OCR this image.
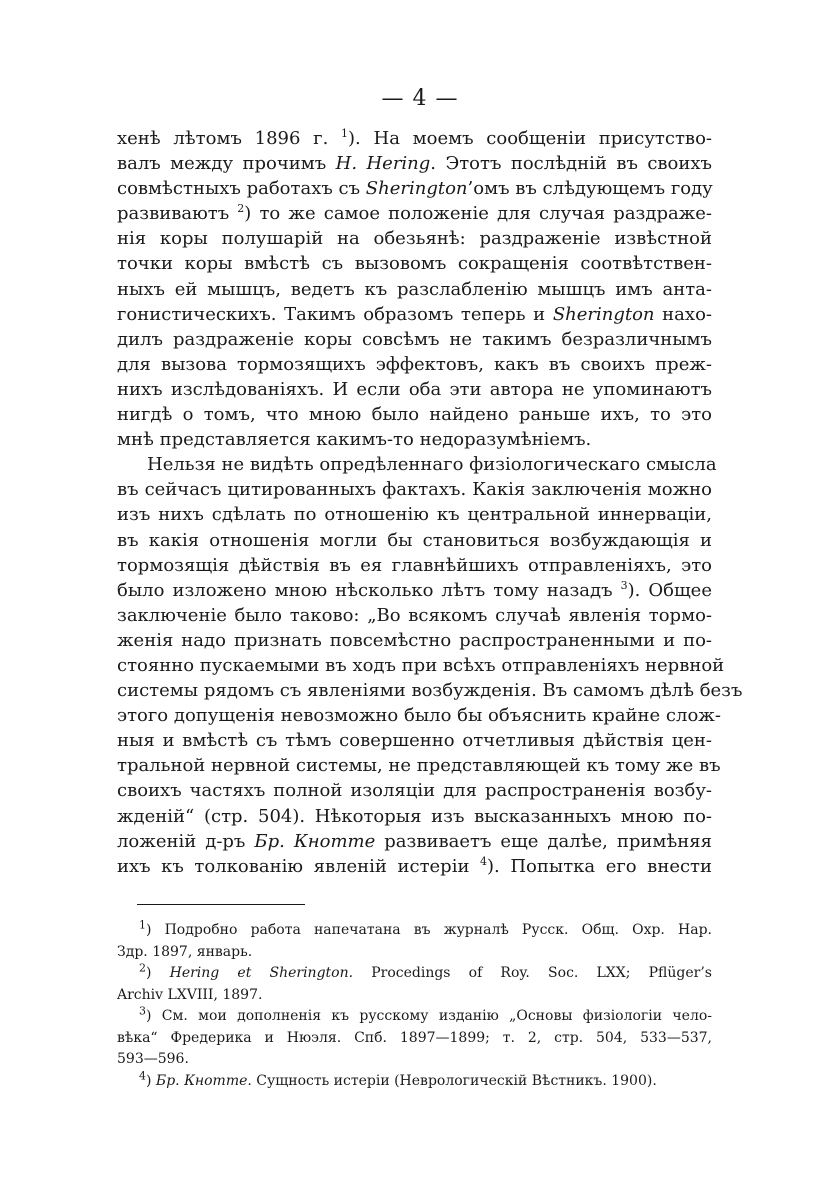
— 4 —

хенѣ лѣтомъ 1896 г. $^1$). На моемъ сообщеніи присутство-
валъ между прочимъ H. Hering. Этотъ послѣдній въ своихъ
совмѣстныхъ работахъ съ Sherington’омъ въ слѣдующемъ году
развиваютъ $^2$) то же самое положеніе для случая раздраже-
нія коры полушарій на обезьянѣ: раздраженіе извѣстной
точки коры вмѣстѣ съ вызовомъ сокращенія соотвѣтствен-
ныхъ ей мышцъ, ведетъ къ разслабленію мышцъ имъ анта-
гонистическихъ. Такимъ образомъ теперь и Sherington нахо-
дилъ раздраженіе коры совсѣмъ не такимъ безразличнымъ
для вызова тормозящихъ эффектовъ, какъ въ своихъ преж-
нихъ изслѣдованіяхъ. И если оба эти автора не упоминаютъ
нигдѣ о томъ, что мною было найдено раньше ихъ, то это
мнѣ представляется какимъ-то недоразумѣніемъ.

Нельзя не видѣть опредѣленнаго физіологическаго смысла
въ сейчасъ цитированныхъ фактахъ. Какія заключенія можно
изъ нихъ сдѣлать по отношенію къ центральной иннерваціи,
въ какія отношенія могли бы становиться возбуждающія и
тормозящія дѣйствія въ ея главнѣйшихъ отправленіяхъ, это
было изложено мною нѣсколько лѣтъ тому назадъ $^3$). Общее
заключеніе было таково: „Во всякомъ случаѣ явленія тормо-
женія надо признать повсемѣстно распространенными и по-
стоянно пускаемыми въ ходъ при всѣхъ отправленіяхъ нервной
системы рядомъ съ явленіями возбужденія. Въ самомъ дѣлѣ безъ
этого допущенія невозможно было бы объяснить крайне слож-
ныя и вмѣстѣ съ тѣмъ совершенно отчетливыя дѣйствія цен-
тральной нервной системы, не представляющей къ тому же въ
своихъ частяхъ полной изоляціи для распространенія возбу-
жденій“ (стр. 504). Нѣкоторыя изъ высказанныхъ мною по-
ложеній д-ръ Бр. Кнотте развиваетъ еще далѣе, примѣняя
ихъ къ толкованію явленій истеріи $^4$). Попытка его внести

$^1$) Подробно работа напечатана въ журналѣ Русск. Общ. Охр. Нар.
Здр. 1897, январь.
$^2$) Hering et Sherington. Procedings of Roy. Soc. LXX; Pflüger’s
Archiv LXVIII, 1897.
$^3$) См. мои дополненія къ русскому изданію „Основы физіологіи чело-
вѣка“ Фредерика и Нюэля. Спб. 1897—1899; т. 2, стр. 504, 533—537,
593—596.
$^4$) Бр. Кнотте. Сущность истеріи (Неврологическій Вѣстникъ. 1900).
